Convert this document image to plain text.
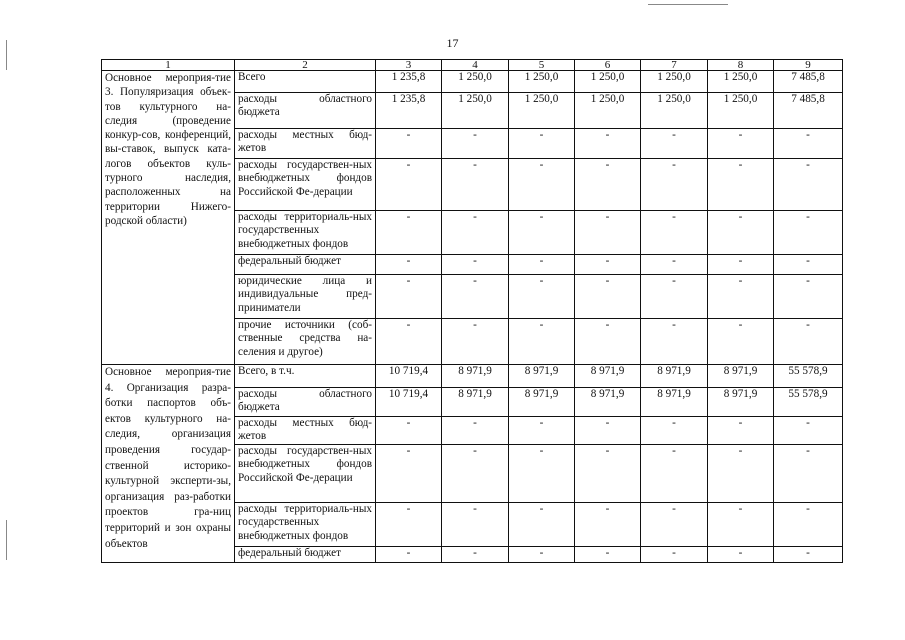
17
1	2	3	4	5	6	7	8	9
Основное мероприя-тие 3. Популяризация объек-тов культурного на-следия (проведение конкур-сов, конференций, вы-ставок, выпуск ката-логов объектов куль-турного наследия, расположенных на территории Нижего-родской области)	Всего	1 235,8	1 250,0	1 250,0	1 250,0	1 250,0	1 250,0	7 485,8
	расходы областного бюджета	1 235,8	1 250,0	1 250,0	1 250,0	1 250,0	1 250,0	7 485,8
	расходы местных бюд-жетов	-	-	-	-	-	-	-
	расходы государствен-ных внебюджетных фондов Российской Фе-дерации	-	-	-	-	-	-	-
	расходы территориаль-ных государственных внебюджетных фондов	-	-	-	-	-	-	-
	федеральный бюджет	-	-	-	-	-	-	-
	юридические лица и индивидуальные пред-приниматели	-	-	-	-	-	-	-
	прочие источники (соб-ственные средства на-селения и другое)	-	-	-	-	-	-	-
Основное мероприя-тие 4. Организация разра-ботки паспортов объ-ектов культурного на-следия, организация проведения государ-ственной историко-культурной эксперти-зы, организация раз-работки проектов гра-ниц территорий и зон охраны объектов	Всего, в т.ч.	10 719,4	8 971,9	8 971,9	8 971,9	8 971,9	8 971,9	55 578,9
	расходы областного бюджета	10 719,4	8 971,9	8 971,9	8 971,9	8 971,9	8 971,9	55 578,9
	расходы местных бюд-жетов	-	-	-	-	-	-	-
	расходы государствен-ных внебюджетных фондов Российской Фе-дерации	-	-	-	-	-	-	-
	расходы территориаль-ных государственных внебюджетных фондов	-	-	-	-	-	-	-
	федеральный бюджет	-	-	-	-	-	-	-
